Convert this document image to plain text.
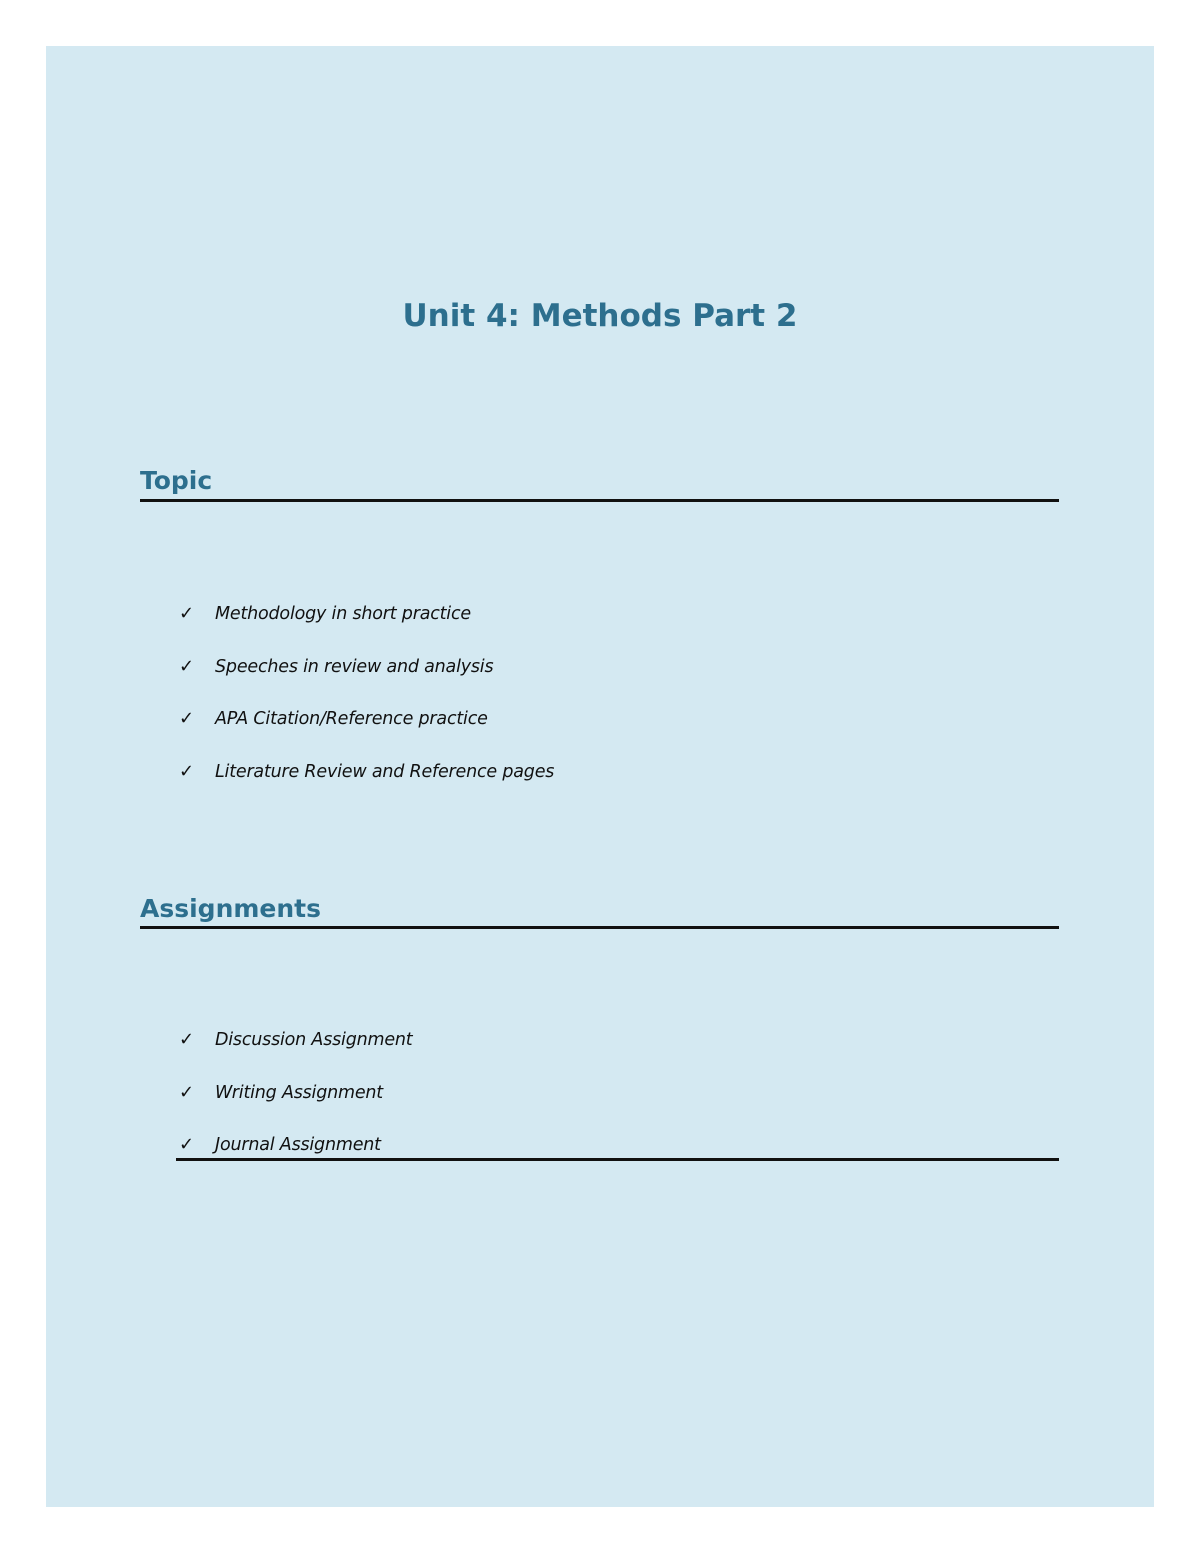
Unit 4: Methods Part 2
Topic
✓	Methodology in short practice
✓	Speeches in review and analysis
✓	APA Citation/Reference practice
✓	Literature Review and Reference pages
Assignments
✓	Discussion Assignment
✓	Writing Assignment
✓	Journal Assignment
